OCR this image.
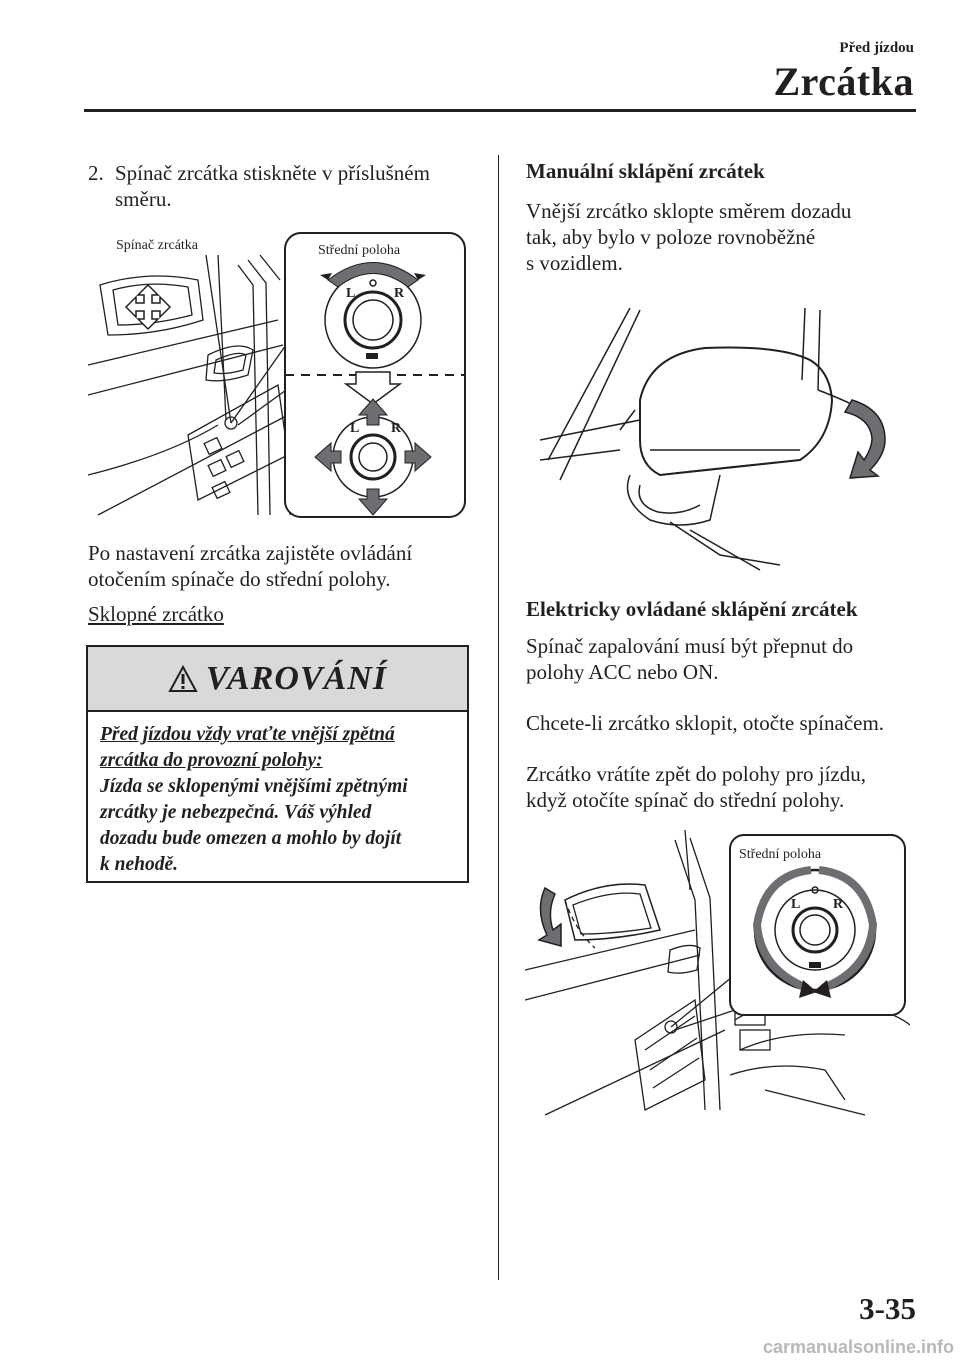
Před jízdou
Zrcátka
2. Spínač zrcátka stiskněte v příslušném
směru.
L	R
L R
Spínač zrcátka	Střední poloha
Po nastavení zrcátka zajistěte ovládání
otočením spínače do střední polohy.
Sklopné zrcátko
VAROVÁNÍ
Před jízdou vždy vraťte vnější zpětná
zrcátka do provozní polohy:
Jízda se sklopenými vnějšími zpětnými
zrcátky je nebezpečná. Váš výhled
dozadu bude omezen a mohlo by dojít
k nehodě.
Manuální sklápění zrcátek
Vnější zrcátko sklopte směrem dozadu
tak, aby bylo v poloze rovnoběžné
s vozidlem.
Elektricky ovládané sklápění zrcátek
Spínač zapalování musí být přepnut do
polohy ACC nebo ON.
Chcete-li zrcátko sklopit, otočte spínačem.
Zrcátko vrátíte zpět do polohy pro jízdu,
když otočíte spínač do střední polohy.
Střední poloha
L R
3-35
carmanualsonline.info
